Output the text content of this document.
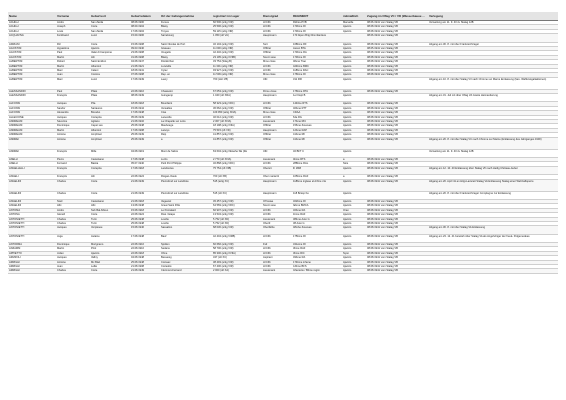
Name	Vorname	Geburtsort	Geburtsdatum	Ort der Gefangennahme	registriert im Lager	Dienstgrad	REGIMENT	mitmaßlich	Zugang im Oflag VC / VD (Wasserbauue ...	Verlegung
ACHILLI	Andre	San Zarda	08.08.1900	Fumes	60 500 (artig VIR)	LFCfib	Rdtrss-PVB	Marseille	08.06.1941 vom Stalag VB	Verweilung am 11. 9. 40 zu Stalag 12B
ACHILLI	Joseph	Corte	08.09.1904	Blaisy	25 596 (artig VIR)	LFCfib	173bme RI	Ajaccio	08.08.1941 vom Stalag VB	
ACHILLI	Louis	San Zarda	17.08.1904	Troyes	59 115 (artig VIR)	LFCfib	173bme RI	Ajaccio	08.08.1941 vom Stalag VB	
ACQUAVIVA	Ferdinand	Lucci	15.09.1906	Sarrebourg	1 050 (oft VA)	Hauptmann	173 Alpen Brig Dimmfantiere		08.06.1941 vom Stalag VB	
ADRIANI	Riz	Corte	15.08.1908	Saint Nicolas de Port	32 104 (artig VIR)	Ssrt	168bme RF	Ajaccio	08.08.1941 vom Stalag VB	Abgang am 30. 8. mit über Frankreichzager
AGOSTINI	Hypastime	Ajaccio	09.03.1940	Gisseau	11 000 (artig VIR)	Offizier	Ascen BTA	Ajaccio	08.05.1941 vom Stalag VB	
AGOSTINI	Paul	Valat di Campione	23.08.1908	Vougelis	42 432 (artig VIR)	Offizier	173bme RA	Ajaccio	08.08.1941 vom Stalag VB	
AGOSTINI	Martin	Alti	31.08.1908	Blaisy	23 195 (artig XVIIB)	Nonct ssse	173bme RI	Ajaccio	08.08.1941 vom Stalag VB	
ALBERTINI	Robert	Saint Emilion	04.08.1947	Dünkirchen	33 754 (Stlag B)	Mme ctsse	4lbme Trao	Ajaccio	08.08.1941 vom Stalag VB	
ALBERTINI	Martin	Albertoni	21.08.1921	Lunéville	11 301 (artig VIR)	LFCfib	424bme BMC	Ajaccio	08.08.1941 vom Stalag VB	
ALBERTINI	Marc	Caleni	18.08.1941	Cytec	93 927 (artig VIR)	LFCfib	118bme RAC	Ajaccio	08.08.1941 vom Stalag VB	
ALBERTINI	Jean	Corsica	07.08.1908	Rep. en	11 509 (artig VIR)	Mme ctsse	176bme RI	Ajaccio	08.08.1941 vom Stalag VB	
ALBERTINI	Marc	Lucci	17.08.1949	Laury	700 (Hol 1'B)	Ulfc	311 RFI	Ajaccio		Abgang am 10. 8. mit über Stalag VII nach Chrome sur Marne Entlassung (fare. Waffenstgaltaktionen)
ALESSANDRI	Paul	Pilais	22.08.1916	Chasselot	67 053 (artig VIR)	Fbme ctsse	176bme RTA	Ajaccio	08.08.1941 vom Stalag VB	
ALESSANDRI	François	Pilais	08.08.1949	Guingamp	1 040 (oft XRA)	Hauptmann	1er Dept B	Ajaccio		Abgang am 31. Juli mit über Oflag VA zweite Heimanderung
ALFONSI	Jacques	Pila	18.08.1918	Bourdaint	58 323 (artig VRC)	LFCfib	1440ne RTS	Ajaccio	08.08.1941 vom Stalag VB	
ALFONSI	Sandor	Sartaures	15.08.1944	Versailles	36 662 (artig VIR)	Offizier	46bme RTT	Ajaccio	08.08.1941 vom Stalag VB	
ALFONSI	Alexandre	Bocalvo	17.08.1948	Cise	109 950 (artig XIIIA)	Mme ctsse	CDAA	Ajaccio	08.08.1941 vom Stalag VB	
ALLECIONE	Jacques	Cortepita	05.08.1949	Lanerolle	46 012 (artig VIR)	LFCfib	64e RG	Ajaccio	08.08.1941 vom Stalag VB	
ANDREANI	Séverine	Agilano	21.08.1932	La Chapelle sur Loire	2 307 (oft XIVA)	Lieutenant	17bme RIC	Ajaccio	08.08.1941 vom Stalag VB	
ANDREANI	Dominique	Capet ses	25.08.1948	Mauboege	18 198 (artig XIIIA)	Offizier	156me Zouaves	Ajaccio	08.08.1941 vom Stalag VB	
ANDREANI	Martin	Albertoni	17.08.1908	Lanoys	75 515 (oft VD)	Hauptmann	12bme RAP	Ajaccio	08.08.1941 vom Stalag VB	
ANDREANI	Antoine	Amphiset	25.08.1949	Rsip	41 857 (artig VIR)	Offizier	41bme RF	Ajaccio	08.08.1941 vom Stalag VB	
ANDREI	Antoine	Amphiset	25.08.1949	a	41 857 (artig VIR)	Offizier	41bme RF	Ajaccio	08.08.1941 vom Stalag VB	Abgang am 20. 8. mit über Stalag VC nach Chrome sur Marne (Entlassung des Jahrganges 1900)
ANDREI	François	Mille	04.08.1919	Mont de Sabre	63 604 (artig XEisehe SE (Re	Ulfc	32 BFT C	Ajaccio		Verweilung am 11. 9. 40 zu Stalag 12B
ANELLI	Pierre	Castelsano	17.08.1948	Lurris	2 770 (oft XIVA)	Lieutenant	4bme RTS	a	08.08.1941 vom Stalag VB	
ANELLI	Fernand	Bastia	05.07.1940	Petit Port Philippe	32 868 (artig VRC)	LFCfib	288bme RAL	Nice	08.08.1941 vom Stalag VB	
ANGELLELLI	François	Cortepita	17.08.1918	Landrecies	75 754 (oft XIB)	Obersrt	lh 18RI	Ajaccio	08.08.1941 vom Stalag VB	Abgang am 12. 10. 40 Entlassung über Stalag VII nach Heilig Chöteau-Auber
ANGELI	François	Alti	22.08.1924	Roigan-Oasis	700 (oft XB)	Ober mariarrit	105bme RAF	a	08.08.1941 vom Stalag VB	
ANGELINI	Charles	Corte	21.08.1949	Pierrefond sur Landriste	515 (artig XC)	Hauptmann	118bme inglese el A/Xne s'le	Ajaccio	08.08.1941 vom Stalag VB	Abgang am 20. April 41 an Hilgt-Lazarett Stalag VA Entlassung Stalag einer Wehrtaftsperre
ANGELINI	Charles	Corte	21.08.1949	Pierrefond sur Landriste	515 (oft XC)	Hauptmann	118 Bcssp Ke	Ajaccio		Abgang am 20. 8. mit über Frankreichzager Complegne zur Entlassung
ANGELINI	Noël	Castelsano	21.08.1918	Vagaurel	45 457 (artig VIR)	Off ssiae	322bme RI	Ajaccio	08.08.1941 vom Stalag VB	
ANGELINI	Albi	Albi	13.08.1948	Great Saint Pôle	64 569 (artig VRC)	Nonct ssse	fabme BMCA	Ajaccio	08.08.1941 vom Stalag VB	
ANTOMA	Andre	Sub Bal Albreo	15.08.1918	Le Pontalard	60 907 (artig VIR)	LFCfib	32bme RA	Oran	08.08.1941 vom Stalag VB	
ANTONA	Gérard	Corte	22.08.1924	Rosi / Étape	13 534 (artig VIR)	LFCfib	1bme RAF	Ajaccio	08.08.1941 vom Stalag VB	
ANTONIETTI	Charles	Turin	25.08.1948	Lourlie	5 752 (oft XD)	Lieutenant	384me Auto G	Ajaccio	08.08.1941 vom Stalag VB	
ANTONIETTI	Charles	Turin	25.08.1948	Lourlie	5 752 (oft XD)	Oberfr.	38 Auto G	Ajaccio	08.08.1941 vom Stalag VB	
ANTONIETTI	Jacques	Verpissee	15.08.1946	Sassalino	68 030 (artig VIR)	Oberfärbe	48mbe Zouaves	Ajaccio	08.08.1941 vom Stalag VB	Abgang am 30. 8. mit über Stalag VA Entlassung
ANTONIETTI	Joga	Aulaine	17.08.1948	Bauf	42 404 (artig VIRB)	LFCfib	175bme RI	Ajaccio	08.08.1941 vom Stalag VB	Abgang am 23. 12. 41 bereiteh über Stalag VA als Angehöriger der freuä. Polgemedees
ANTORMA	Dominique	Morignano	22.08.1916	Sjoitlen	60 666 (artig VIR)	Fstl	341ème RI	Ajaccio	08.08.1941 vom Stalag VB	
ANZAMM	Martin	Pirol	22.08.1916	Sedans	58 700 (artig VIR)	LFCfib	3bme RAF	Ajaccio	08.08.1941 vom Stalag VB	
APPIETTO	Julien	Ajaccio	22.08.1918	Ofme	85 300 (artig XVIIA)	LFCfib	3bme RIC	Nyon	08.08.1941 vom Stalag VB	
ARIZZOLI	Jacques	Vallny	04.08.1948	Bessesig	347 (oft XC)	Aspirant	49bme RA	Ajaccio	08.08.1941 vom Stalag VB	
ARRIGHI	Antoine	Mc Blaz	25.08.1948	Coinsac	38 493 (artig VIR)	LFCfib	174bme infame	Ajaccio	08.08.1941 vom Stalag VB	
ARRIGHI	Jean	Lellie	21.08.1908	Cortesbé	67 400 (artig VIR)	LFCfib	4Jbme BFS	Ajaccio	08.08.1941 vom Stalag VB	
ARRIGHI	Charles	Corte	21.08.1949	Clermont-Ferrand	2 000 (oft XA)	Lieutenant	Infanterie / Bbme regim	Ajaccio	08.08.1941 vom Stalag VB	
